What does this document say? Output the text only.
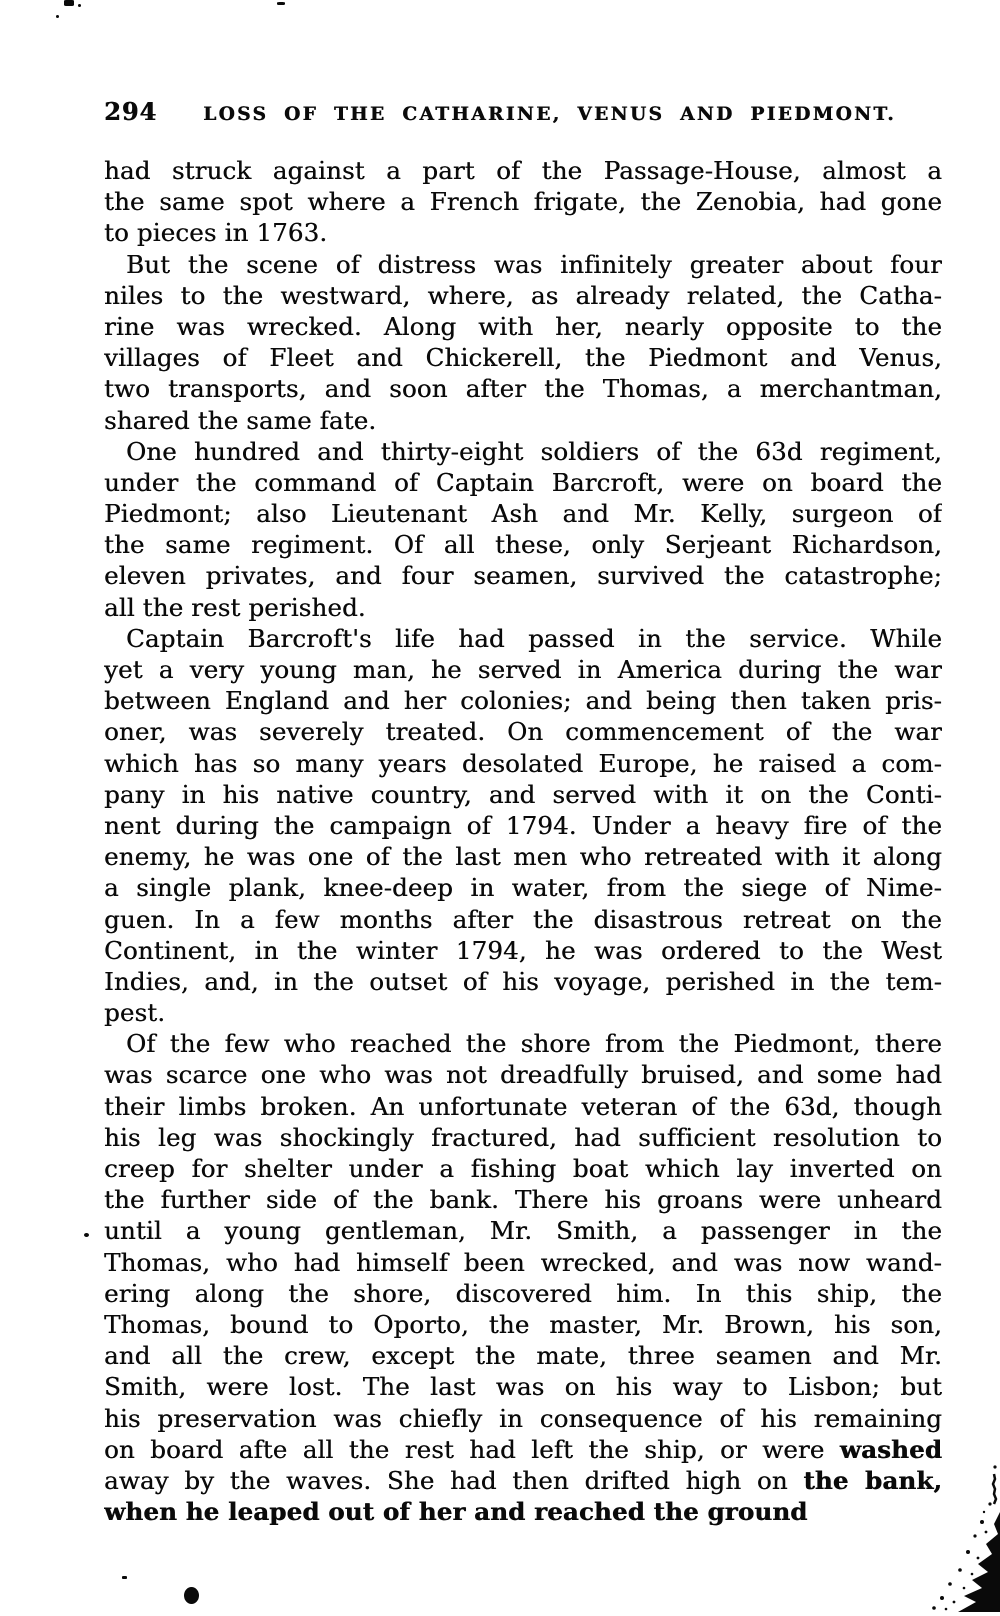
294 LOSS OF THE CATHARINE, VENUS AND PIEDMONT.
had struck against a part of the Passage-House, almost a
the same spot where a French frigate, the Zenobia, had gone
to pieces in 1763.
But the scene of distress was infinitely greater about four
niles to the westward, where, as already related, the Catha-
rine was wrecked. Along with her, nearly opposite to the
villages of Fleet and Chickerell, the Piedmont and Venus,
two transports, and soon after the Thomas, a merchantman,
shared the same fate.
One hundred and thirty-eight soldiers of the 63d regiment,
under the command of Captain Barcroft, were on board the
Piedmont; also Lieutenant Ash and Mr. Kelly, surgeon of
the same regiment. Of all these, only Serjeant Richardson,
eleven privates, and four seamen, survived the catastrophe;
all the rest perished.
Captain Barcroft's life had passed in the service. While
yet a very young man, he served in America during the war
between England and her colonies; and being then taken pris-
oner, was severely treated. On commencement of the war
which has so many years desolated Europe, he raised a com-
pany in his native country, and served with it on the Conti-
nent during the campaign of 1794. Under a heavy fire of the
enemy, he was one of the last men who retreated with it along
a single plank, knee-deep in water, from the siege of Nime-
guen. In a few months after the disastrous retreat on the
Continent, in the winter 1794, he was ordered to the West
Indies, and, in the outset of his voyage, perished in the tem-
pest.
Of the few who reached the shore from the Piedmont, there
was scarce one who was not dreadfully bruised, and some had
their limbs broken. An unfortunate veteran of the 63d, though
his leg was shockingly fractured, had sufficient resolution to
creep for shelter under a fishing boat which lay inverted on
the further side of the bank. There his groans were unheard
until a young gentleman, Mr. Smith, a passenger in the
Thomas, who had himself been wrecked, and was now wand-
ering along the shore, discovered him. In this ship, the
Thomas, bound to Oporto, the master, Mr. Brown, his son,
and all the crew, except the mate, three seamen and Mr.
Smith, were lost. The last was on his way to Lisbon; but
his preservation was chiefly in consequence of his remaining
on board afte all the rest had left the ship, or were washed
away by the waves. She had then drifted high on the bank,
when he leaped out of her and reached the ground
